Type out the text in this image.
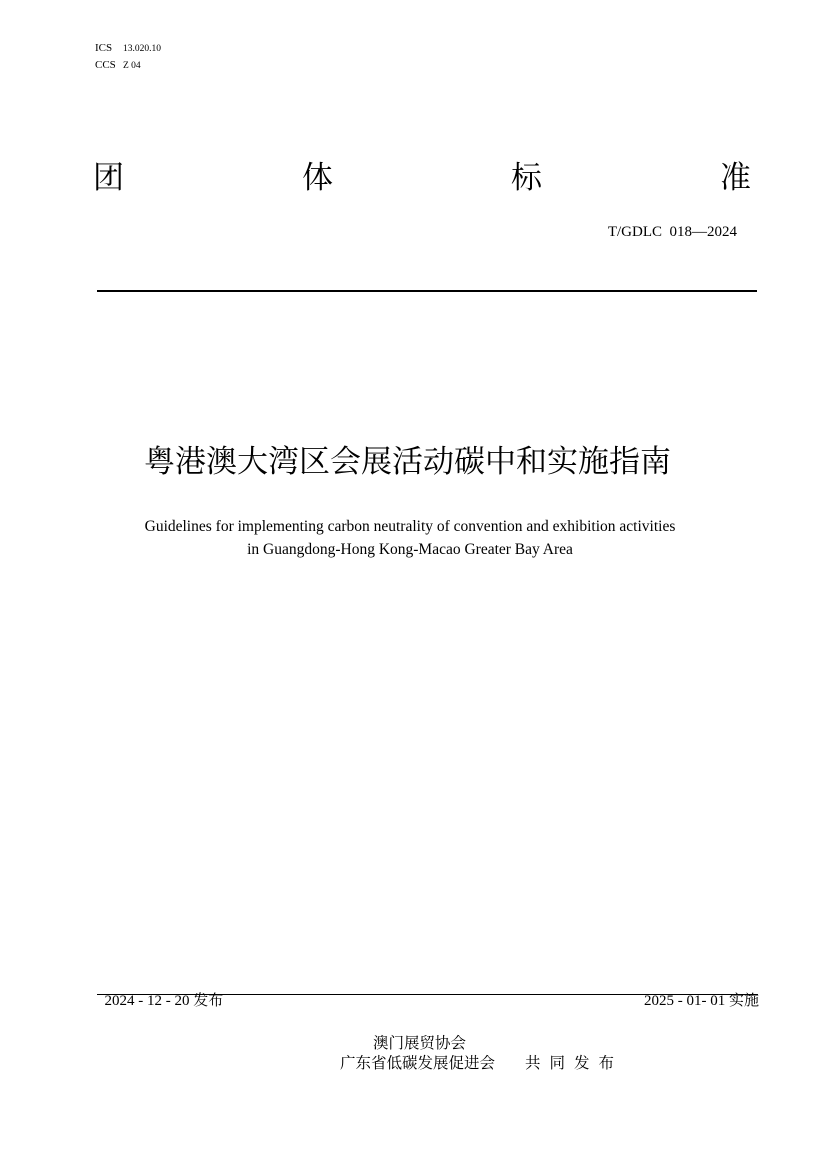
ICS 13.020.10
CCS Z 04
团	体	标	准
T/GDLC  018—2024
粤港澳大湾区会展活动碳中和实施指南
Guidelines for implementing carbon neutrality of convention and exhibition activities
in Guangdong-Hong Kong-Macao Greater Bay Area

2024 - 12 - 20 发布	2025 - 01- 01 实施

澳门展贸协会
广东省低碳发展促进会 共同发布
